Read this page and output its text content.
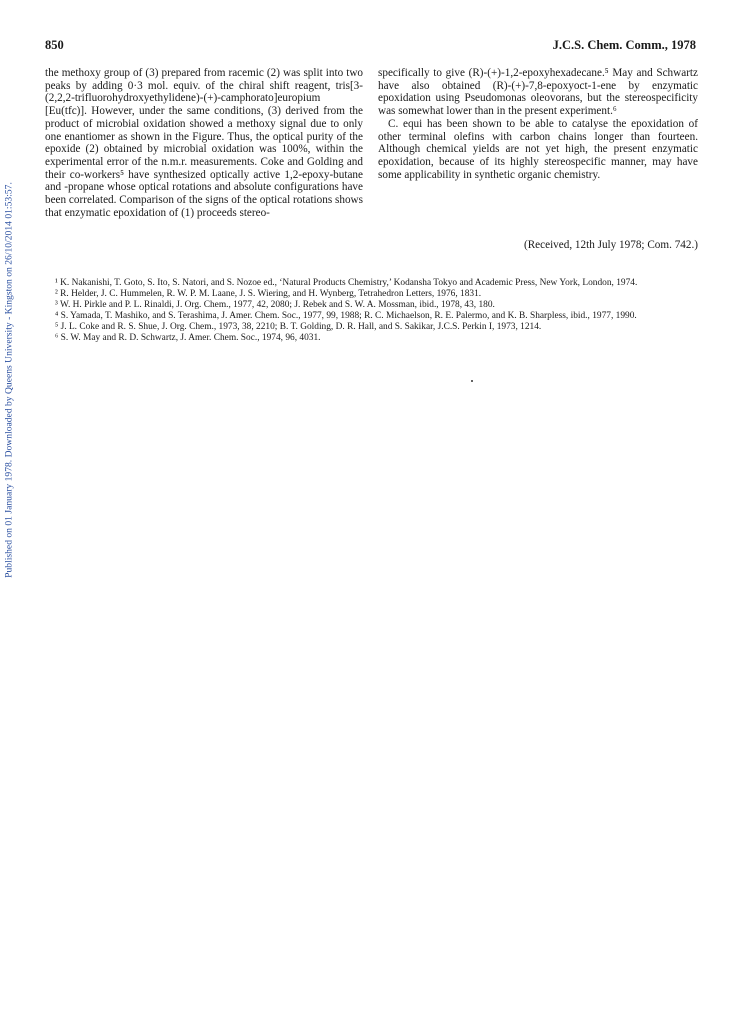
Published on 01 January 1978. Downloaded by Queens University - Kingston on 26/10/2014 01:53:57.
850	J.C.S. Chem. Comm., 1978

the methoxy group of (3) prepared from racemic (2) was split into two peaks by adding 0·3 mol. equiv. of the chiral shift reagent, tris[3-(2,2,2-trifluorohydroxyethylidene)-(+)-camphorato]europium [Eu(tfc)]. However, under the same conditions, (3) derived from the product of microbial oxidation showed a methoxy signal due to only one enantiomer as shown in the Figure. Thus, the optical purity of the epoxide (2) obtained by microbial oxidation was 100%, within the experimental error of the n.m.r. measurements. Coke and Golding and their co-workers⁵ have synthesized optically active 1,2-epoxy-butane and -propane whose optical rotations and absolute configurations have been correlated. Comparison of the signs of the optical rotations shows that enzymatic epoxidation of (1) proceeds stereo-

specifically to give (R)-(+)-1,2-epoxyhexadecane.⁵ May and Schwartz have also obtained (R)-(+)-7,8-epoxyoct-1-ene by enzymatic epoxidation using Pseudomonas oleovorans, but the stereospecificity was somewhat lower than in the present experiment.⁶

C. equi has been shown to be able to catalyse the epoxidation of other terminal olefins with carbon chains longer than fourteen. Although chemical yields are not yet high, the present enzymatic epoxidation, because of its highly stereospecific manner, may have some applicability in synthetic organic chemistry.

(Received, 12th July 1978; Com. 742.)

¹ K. Nakanishi, T. Goto, S. Ito, S. Natori, and S. Nozoe ed., ‘Natural Products Chemistry,’ Kodansha Tokyo and Academic Press, New York, London, 1974.

² R. Helder, J. C. Hummelen, R. W. P. M. Laane, J. S. Wiering, and H. Wynberg, Tetrahedron Letters, 1976, 1831.

³ W. H. Pirkle and P. L. Rinaldi, J. Org. Chem., 1977, 42, 2080; J. Rebek and S. W. A. Mossman, ibid., 1978, 43, 180.

⁴ S. Yamada, T. Mashiko, and S. Terashima, J. Amer. Chem. Soc., 1977, 99, 1988; R. C. Michaelson, R. E. Palermo, and K. B. Sharpless, ibid., 1977, 1990.

⁵ J. L. Coke and R. S. Shue, J. Org. Chem., 1973, 38, 2210; B. T. Golding, D. R. Hall, and S. Sakikar, J.C.S. Perkin I, 1973, 1214.

⁶ S. W. May and R. D. Schwartz, J. Amer. Chem. Soc., 1974, 96, 4031.
